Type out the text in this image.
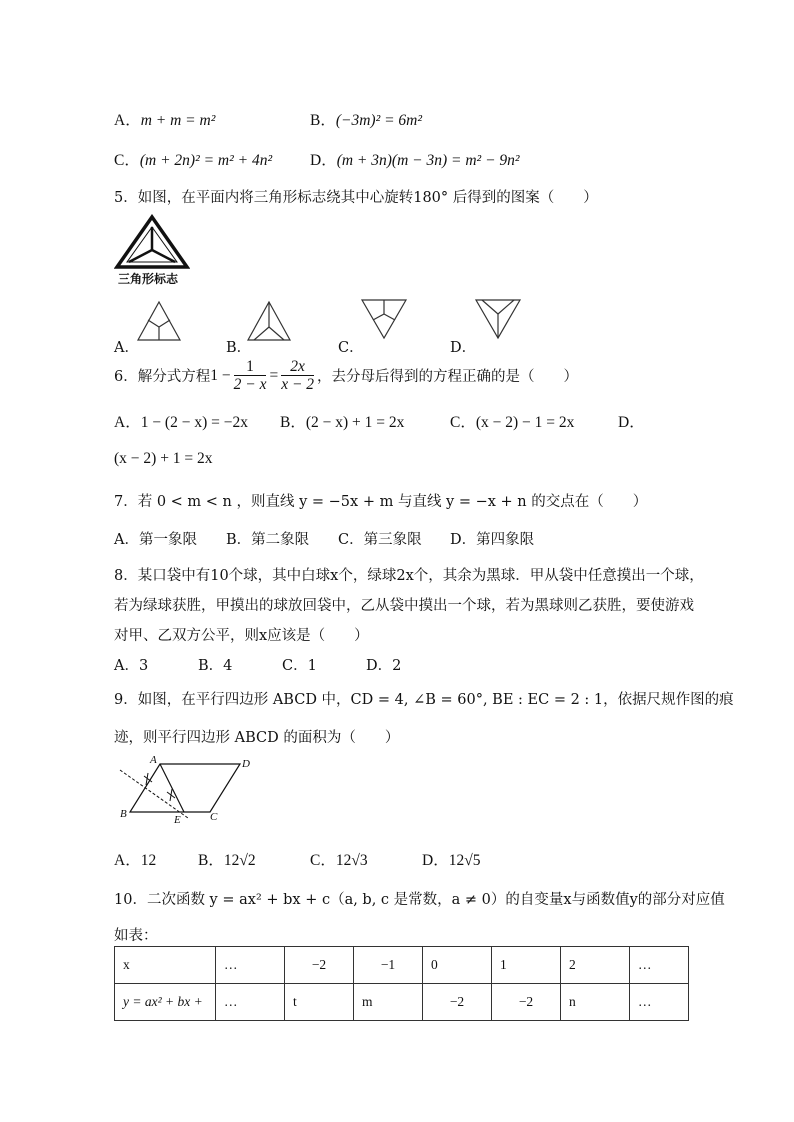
A．m + m = m²	B．(−3m)² = 6m²
C．(m + 2n)² = m² + 4n² D．(m + 3n)(m − 3n) = m² − 9n²
5．如图，在平面内将三角形标志绕其中心旋转180° 后得到的图案（　　）
三角形标志
A．	B．	C．	D．
6．解分式方程 $1 - \frac{1}{2 - x} = \frac{2x}{x - 2}$ ，去分母后得到的方程正确的是（　　）
A．1 − (2 − x) = −2x B．(2 − x) + 1 = 2x	C．(x − 2) − 1 = 2x	D．
(x − 2) + 1 = 2x
7．若 0 < m < n ，则直线 y = −5x + m 与直线 y = −x + n 的交点在（　　）
A．第一象限 B．第二象限 C．第三象限 D．第四象限
8．某口袋中有10个球，其中白球x个，绿球2x个，其余为黑球．甲从袋中任意摸出一个球，
若为绿球获胜，甲摸出的球放回袋中，乙从袋中摸出一个球，若为黑球则乙获胜，要使游戏
对甲、乙双方公平，则x应该是（　　）
A．3	B．4	C．1	D．2
9．如图，在平行四边形 ABCD 中，CD = 4, ∠B = 60°, BE : EC = 2 : 1，依据尺规作图的痕
迹，则平行四边形 ABCD 的面积为（　　）
A	D
B	E	C
A．12	B．12√2	C．12√3	D．12√5
10．二次函数 y = ax² + bx + c（a, b, c 是常数，a ≠ 0）的自变量x与函数值y的部分对应值
如表：
x	…	−2	−1	0	1	2	…
y = ax² + bx +	…	t	m	−2	−2	n	…
